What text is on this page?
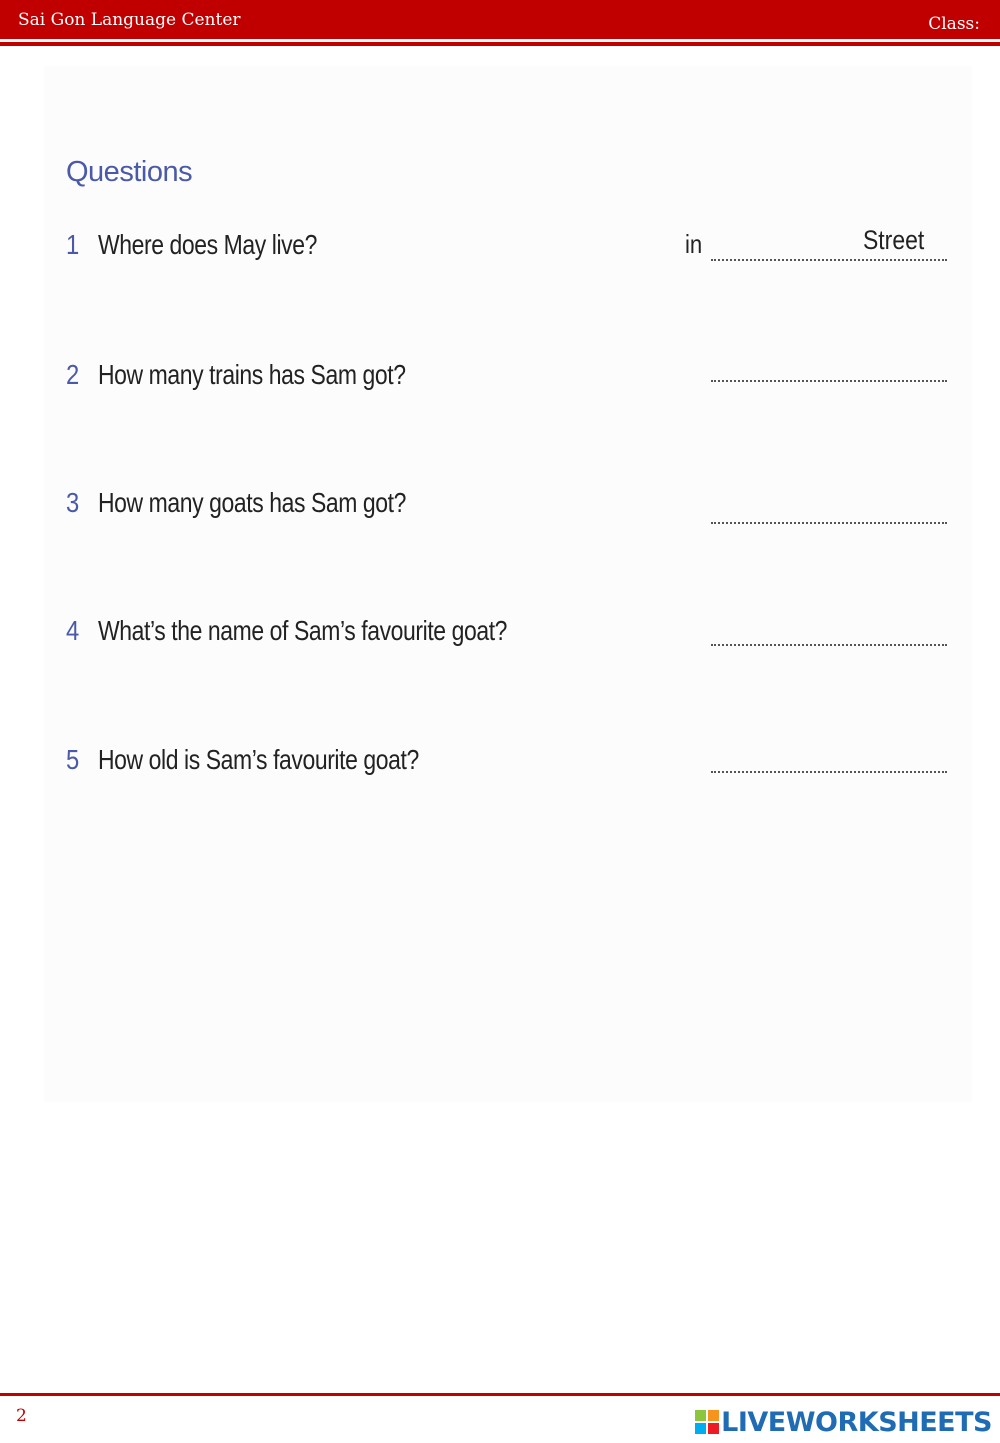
Sai Gon Language Center	Class:
Questions
1 Where does May live?	in	Street
2 How many trains has Sam got?
3 How many goats has Sam got?
4 What’s the name of Sam’s favourite goat?
5 How old is Sam’s favourite goat?
2	LIVEWORKSHEETS
